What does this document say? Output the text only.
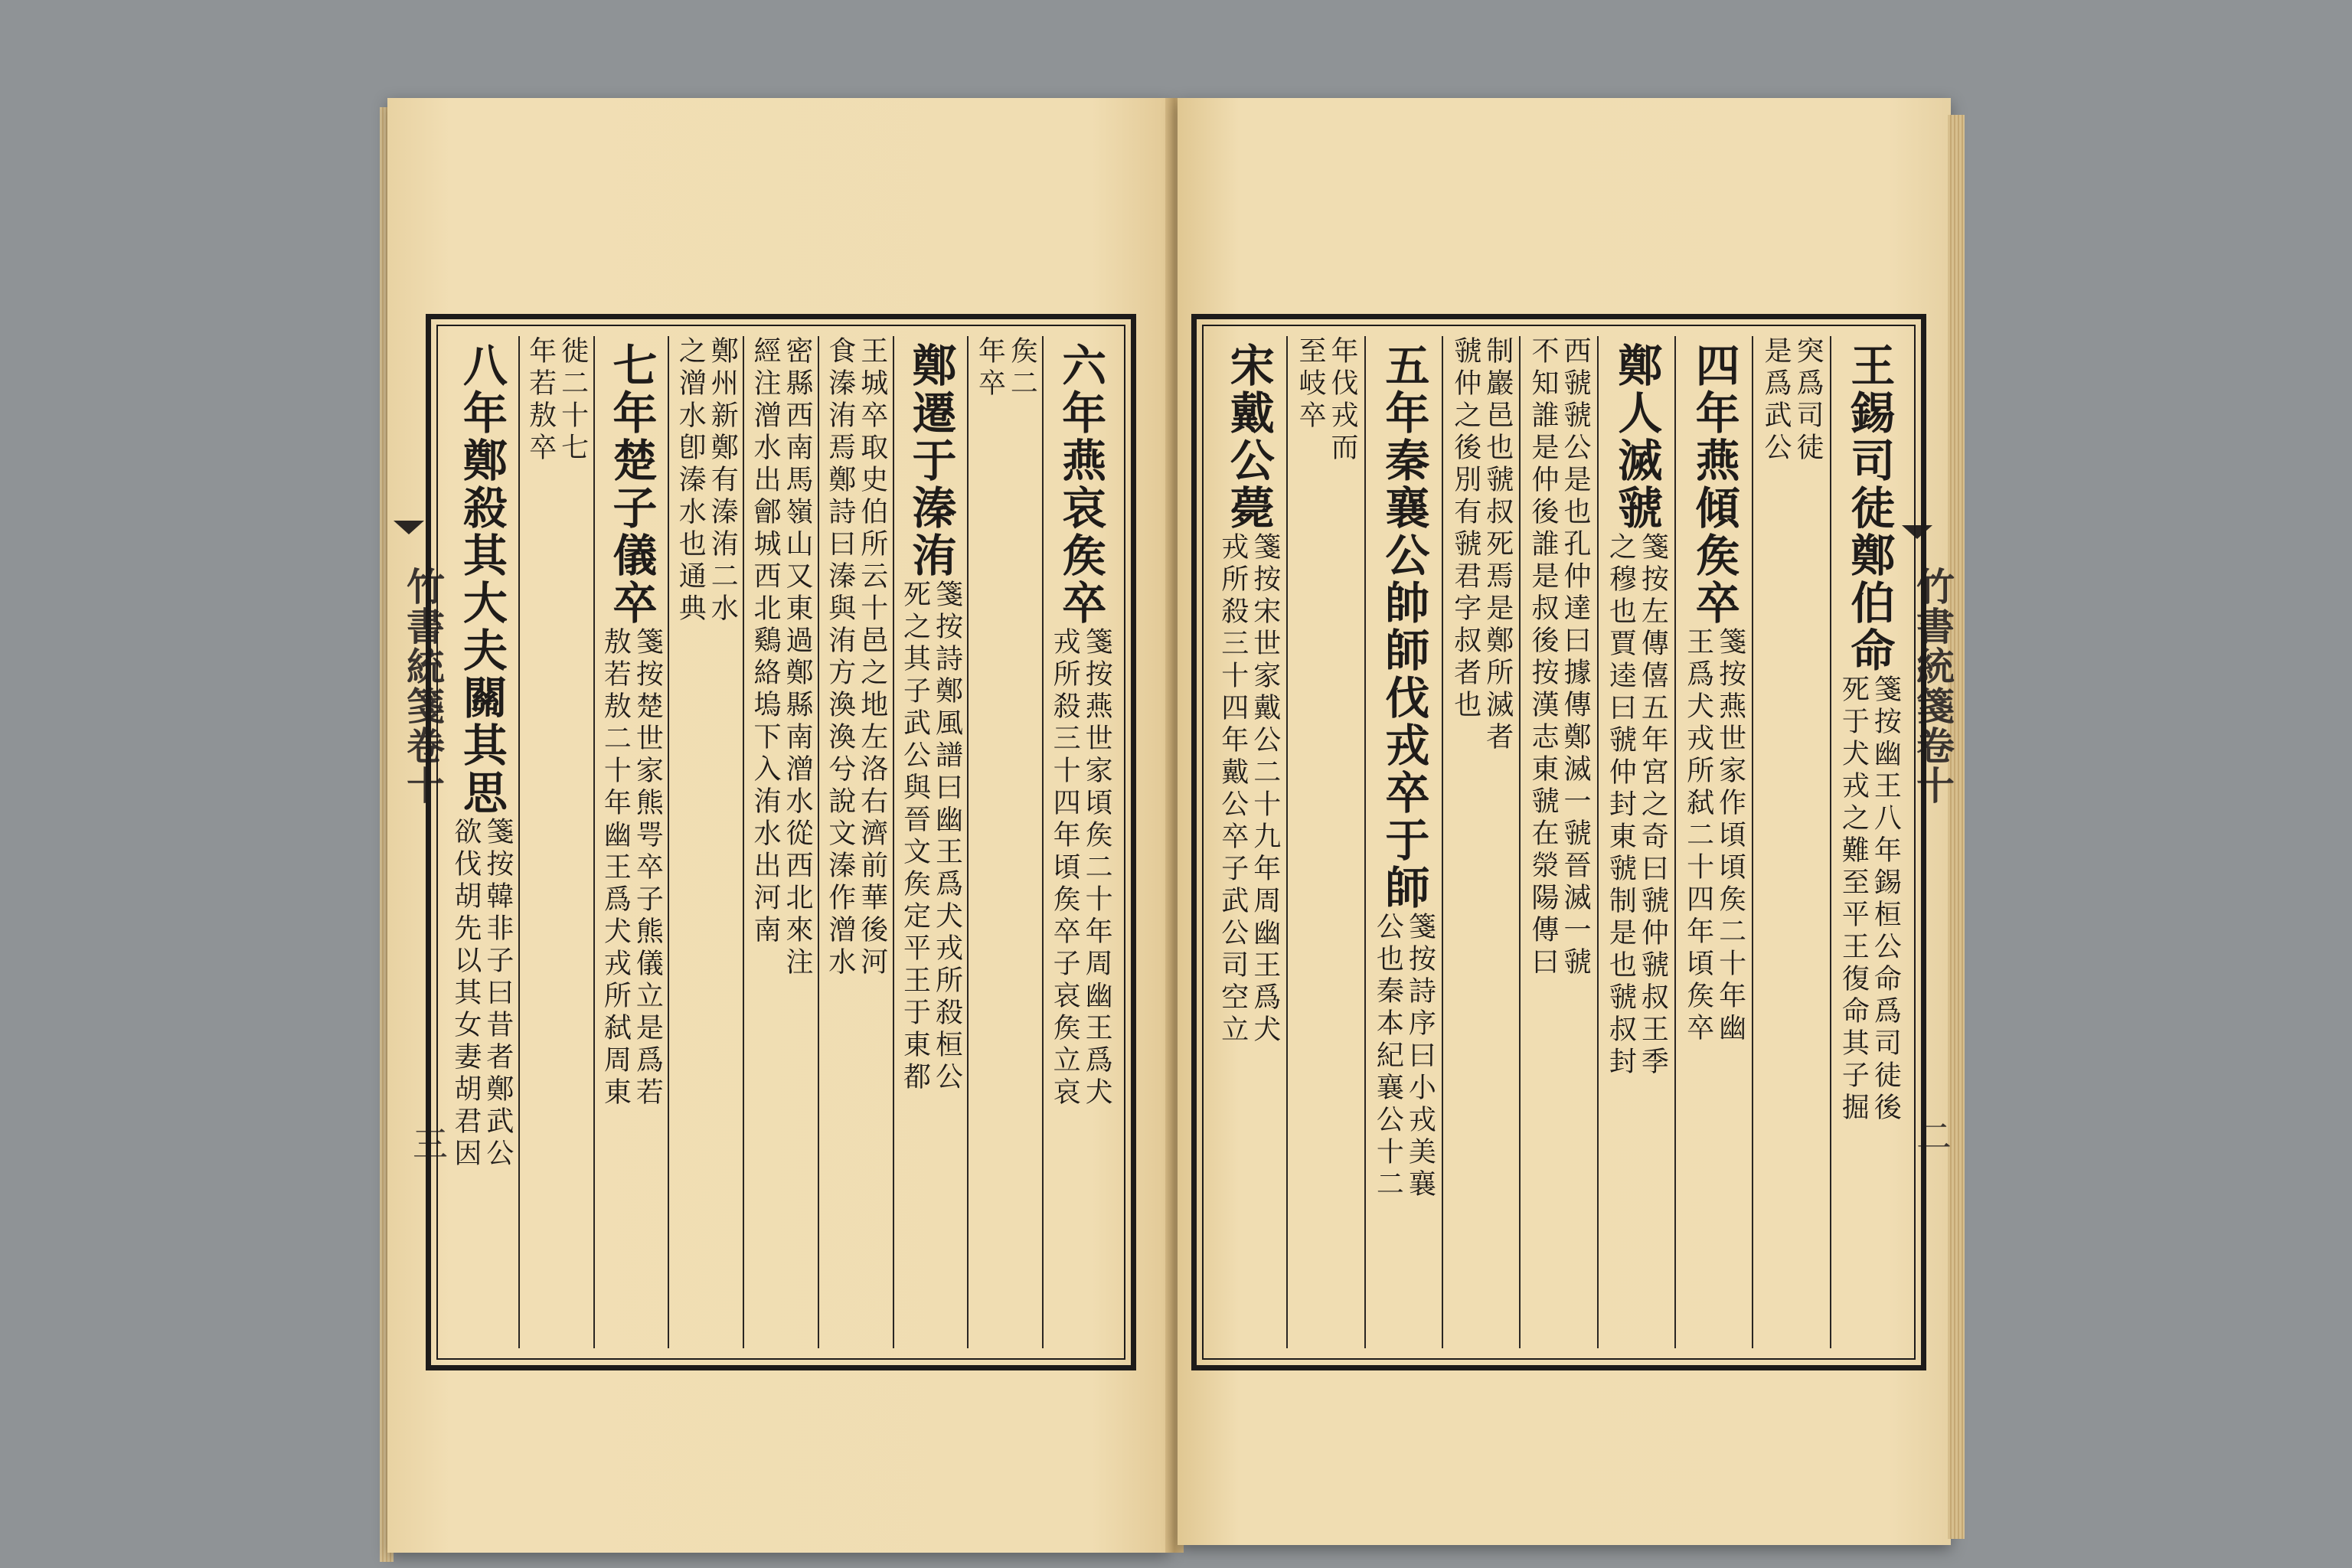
竹書統箋卷十
三
竹書統箋卷十
二
六年燕哀矦卒
箋按燕世家頃矦二十年周幽王爲犬
戎所殺三十四年頃矦卒子哀矦立哀
矦二
年卒
鄭遷于溱洧
箋按詩鄭風譜曰幽王爲犬戎所殺桓公
死之其子武公與晉文矦定平王于東都
王城卒取史伯所云十邑之地左洛右濟前華後河
食溱洧焉鄭詩曰溱與洧方渙渙兮說文溱作潧水
密縣西南馬嶺山又東過鄭縣南潧水從西北來注
經注潧水出鄶城西北鷄絡塢下入洧水出河南
鄭州新鄭有溱洧二水
之潧水卽溱水也通典
七年楚子儀卒
箋按楚世家熊咢卒子熊儀立是爲若
敖若敖二十年幽王爲犬戎所弑周東
徙二十七
年若敖卒
八年鄭殺其大夫關其思
箋按韓非子曰昔者鄭武公
欲伐胡先以其女妻胡君因
王錫司徒鄭伯命
箋按幽王八年錫桓公命爲司徒後
死于犬戎之難至平王復命其子掘
突爲司徒
是爲武公
四年燕傾矦卒
箋按燕世家作頃頃矦二十年幽
王爲犬戎所弑二十四年頃矦卒
鄭人滅虢
箋按左傳僖五年宮之奇曰虢仲虢叔王季
之穆也賈逵曰虢仲封東虢制是也虢叔封
西虢虢公是也孔仲達曰據傳鄭滅一虢晉滅一虢
不知誰是仲後誰是叔後按漢志東虢在滎陽傳曰
制巖邑也虢叔死焉是鄭所滅者
虢仲之後別有虢君字叔者也
五年秦襄公帥師伐戎卒于師
箋按詩序曰小戎美襄
公也秦本紀襄公十二
年伐戎而
至岐卒
宋戴公薨
箋按宋世家戴公二十九年周幽王爲犬
戎所殺三十四年戴公卒子武公司空立
